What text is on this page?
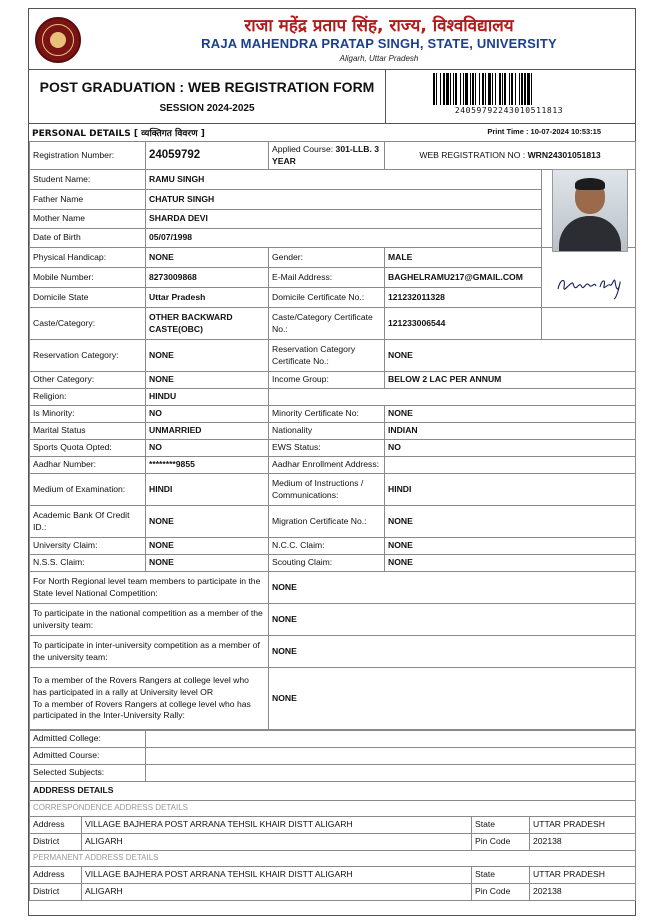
राजा महेंद्र प्रताप सिंह, राज्य, विश्वविद्यालय
RAJA MAHENDRA PRATAP SINGH, STATE, UNIVERSITY
Aligarh, Uttar Pradesh
POST GRADUATION : WEB REGISTRATION FORM
SESSION 2024-2025	24059792243010511813
PERSONAL DETAILS [ व्यक्तिगत विवरण ]	Print Time : 10-07-2024 10:53:15
Registration Number:	24059792	Applied Course: 301-LLB. 3 YEAR	WEB REGISTRATION NO : WRN24301051813
Student Name:	RAMU SINGH			
Father Name	CHATUR SINGH			
Mother Name	SHARDA DEVI			
Date of Birth	05/07/1998			
Physical Handicap:	NONE	Gender:	MALE	
Mobile Number:	8273009868	E-Mail Address:	BAGHELRAMU217@GMAIL.COM	
Domicile State	Uttar Pradesh	Domicile Certificate No.:	121232011328	
Caste/Category:	OTHER BACKWARD CASTE(OBC)	Caste/Category Certificate No.:	121233006544	
Reservation Category:	NONE	Reservation Category Certificate No.:	NONE	
Other Category:	NONE	Income Group:	BELOW 2 LAC PER ANNUM	
Religion:	HINDU			
Is Minority:	NO	Minority Certificate No:	NONE	
Marital Status	UNMARRIED	Nationality	INDIAN	
Sports Quota Opted:	NO	EWS Status:	NO	
Aadhar Number:	********9855	Aadhar Enrollment Address:		
Medium of Examination:	HINDI	Medium of Instructions / Communications:	HINDI	
Academic Bank Of Credit ID.:	NONE	Migration Certificate No.:	NONE	
University Claim:	NONE	N.C.C. Claim:	NONE	
N.S.S. Claim:	NONE	Scouting Claim:	NONE	
For North Regional level team members to participate in the State level National Competition:	NONE
To participate in the national competition as a member of the university team:	NONE
To participate in inter-university competition as a member of the university team:	NONE

To a member of the Rovers Rangers at college level who has participated in a rally at University level OR
To a member of Rovers Rangers at college level who has participated in the Inter-University Rally:	NONE
Admitted College:	
Admitted Course:	
Selected Subjects:	
ADDRESS DETAILS	
CORRESPONDENCE ADDRESS DETAILS			
Address	VILLAGE BAJHERA POST ARRANA TEHSIL KHAIR DISTT ALIGARH	State	UTTAR PRADESH
District	ALIGARH	Pin Code	202138
PERMANENT ADDRESS DETAILS			
Address	VILLAGE BAJHERA POST ARRANA TEHSIL KHAIR DISTT ALIGARH	State	UTTAR PRADESH
District	ALIGARH	Pin Code	202138
